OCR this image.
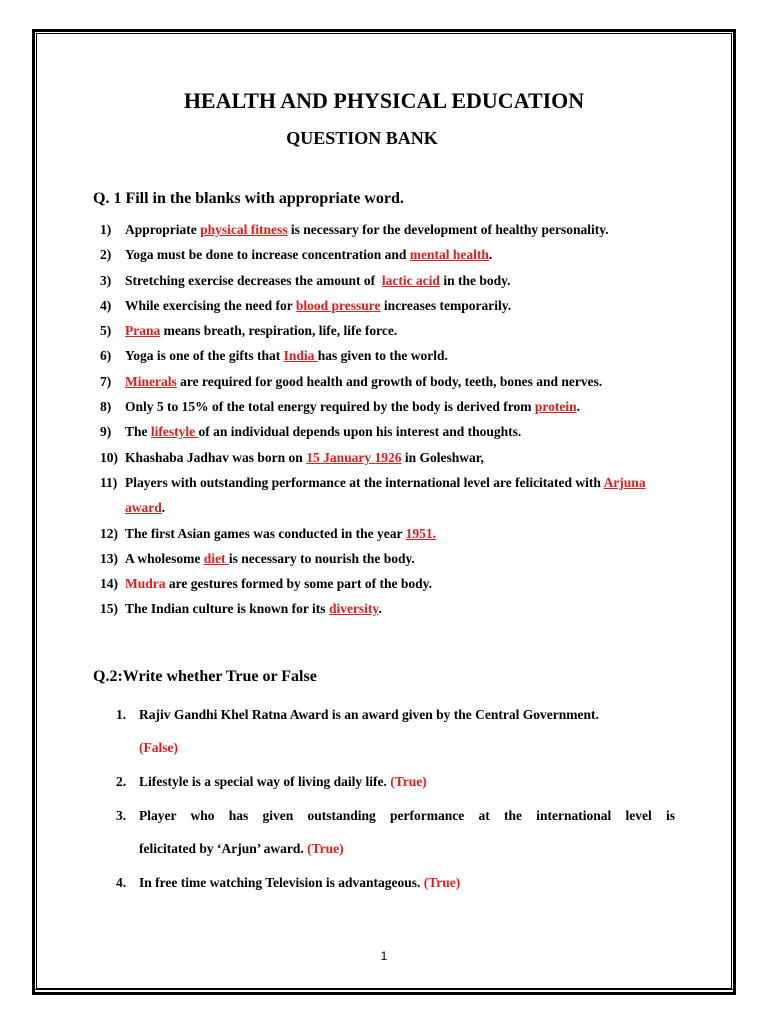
HEALTH AND PHYSICAL EDUCATION
QUESTION BANK
Q. 1 Fill in the blanks with appropriate word.
1) Appropriate physical fitness is necessary for the development of healthy personality.
2) Yoga must be done to increase concentration and mental health.
3) Stretching exercise decreases the amount of  lactic acid in the body.
4) While exercising the need for blood pressure increases temporarily.
5) Prana means breath, respiration, life, life force.
6) Yoga is one of the gifts that India has given to the world.
7) Minerals are required for good health and growth of body, teeth, bones and nerves.
8) Only 5 to 15% of the total energy required by the body is derived from protein.
9) The lifestyle of an individual depends upon his interest and thoughts.
10) Khashaba Jadhav was born on 15 January 1926 in Goleshwar,
11) Players with outstanding performance at the international level are felicitated with Arjuna award.
12) The first Asian games was conducted in the year 1951.
13) A wholesome diet is necessary to nourish the body.
14) Mudra are gestures formed by some part of the body.
15) The Indian culture is known for its diversity.
Q.2:Write whether True or False
1. Rajiv Gandhi Khel Ratna Award is an award given by the Central Government.
(False)
2. Lifestyle is a special way of living daily life. (True)
3. Player who has given outstanding performance at the international level is
felicitated by ‘Arjun’ award. (True)
4. In free time watching Television is advantageous. (True)
1
